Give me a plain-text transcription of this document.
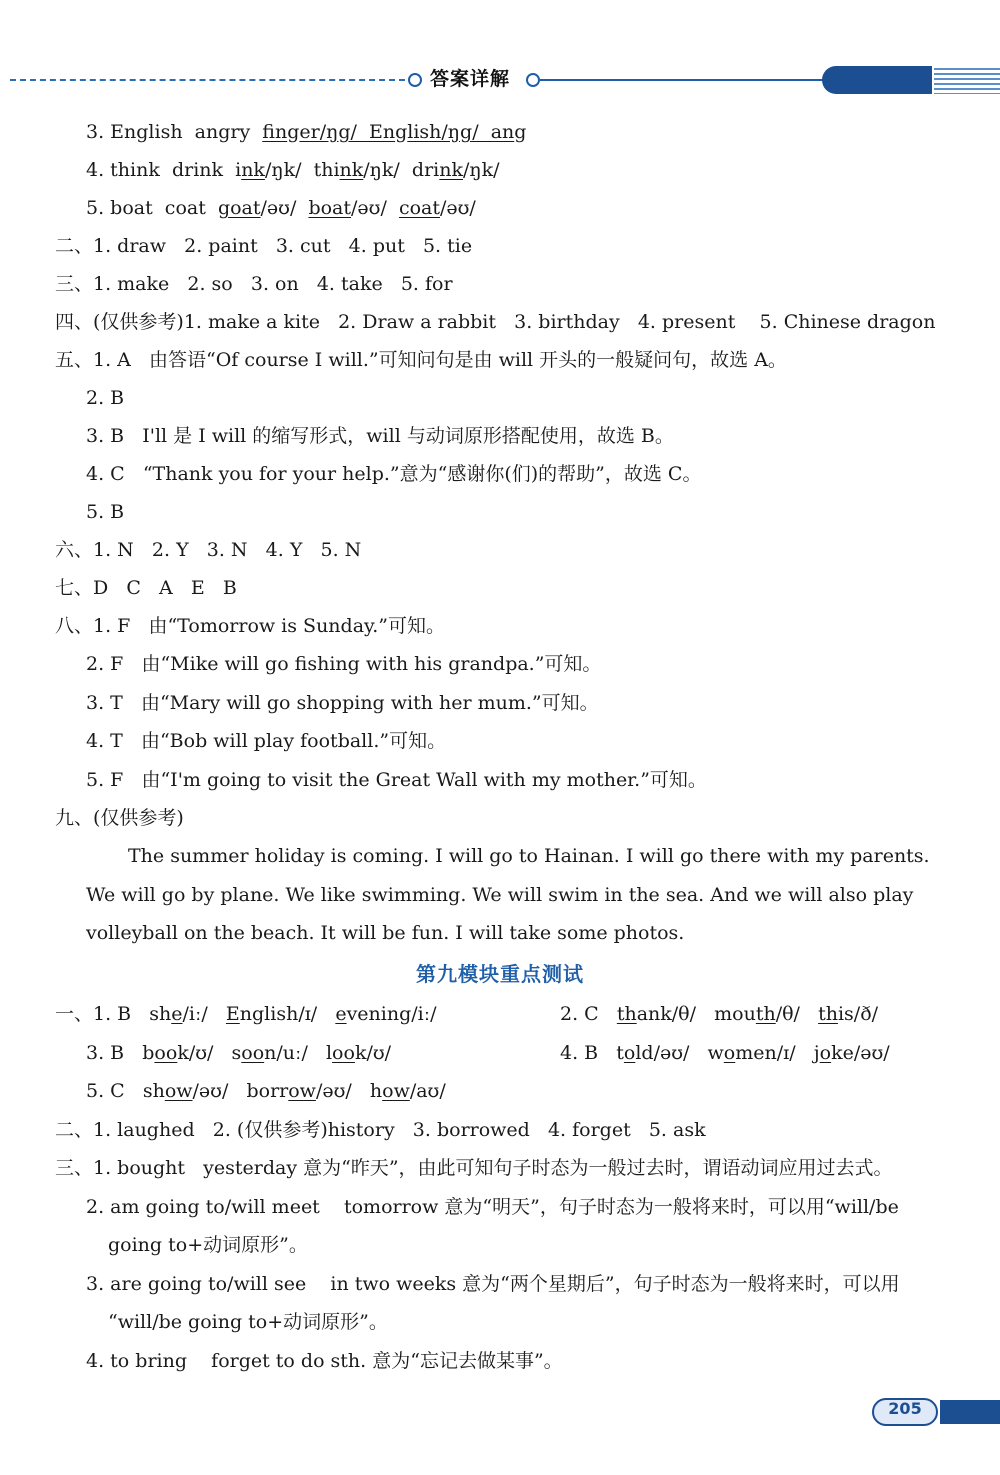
答案详解
3. English  angry  finger/ŋg/  English/ŋg/  ang
4. think  drink  ink/ŋk/  think/ŋk/  drink/ŋk/
5. boat  coat  goat/əʊ/  boat/əʊ/  coat/əʊ/
二、1. draw   2. paint   3. cut   4. put   5. tie
三、1. make   2. so   3. on   4. take   5. for
四、(仅供参考)1. make a kite   2. Draw a rabbit   3. birthday   4. present    5. Chinese dragon
五、1. A   由答语“Of course I will.”可知问句是由 will 开头的一般疑问句，故选 A。
2. B
3. B   I'll 是 I will 的缩写形式，will 与动词原形搭配使用，故选 B。
4. C   “Thank you for your help.”意为“感谢你(们)的帮助”，故选 C。
5. B
六、1. N   2. Y   3. N   4. Y   5. N
七、D   C   A   E   B
八、1. F   由“Tomorrow is Sunday.”可知。
2. F   由“Mike will go fishing with his grandpa.”可知。
3. T   由“Mary will go shopping with her mum.”可知。
4. T   由“Bob will play football.”可知。
5. F   由“I'm going to visit the Great Wall with my mother.”可知。
九、(仅供参考)
The summer holiday is coming. I will go to Hainan. I will go there with my parents.
We will go by plane. We like swimming. We will swim in the sea. And we will also play
volleyball on the beach. It will be fun. I will take some photos.
第九模块重点测试
一、1. B   she/iː/   English/ɪ/   evening/iː/	2. C   thank/θ/   mouth/θ/   this/ð/
3. B   book/ʊ/   soon/uː/   look/ʊ/	4. B   told/əʊ/   women/ɪ/   joke/əʊ/
5. C   show/əʊ/   borrow/əʊ/   how/aʊ/
二、1. laughed   2. (仅供参考)history   3. borrowed   4. forget   5. ask
三、1. bought   yesterday 意为“昨天”，由此可知句子时态为一般过去时，谓语动词应用过去式。
2. am going to/will meet    tomorrow 意为“明天”，句子时态为一般将来时，可以用“will/be
going to+动词原形”。
3. are going to/will see    in two weeks 意为“两个星期后”，句子时态为一般将来时，可以用
“will/be going to+动词原形”。
4. to bring    forget to do sth. 意为“忘记去做某事”。
205
